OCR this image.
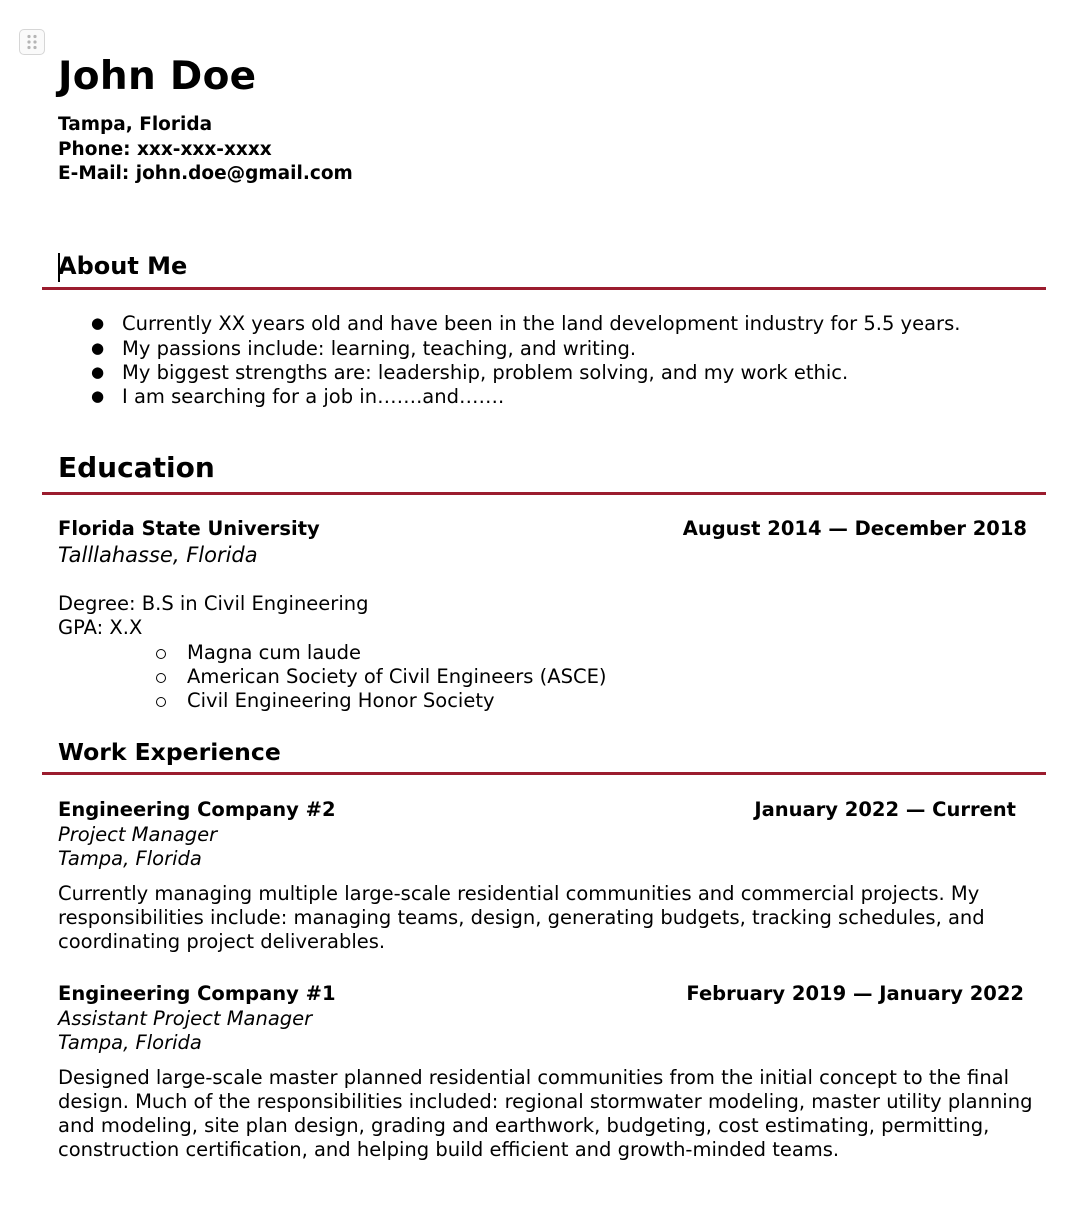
John Doe
Tampa, Florida
Phone: xxx-xxx-xxxx
E-Mail: john.doe@gmail.com
About Me
● Currently XX years old and have been in the land development industry for 5.5 years.
● My passions include: learning, teaching, and writing.
● My biggest strengths are: leadership, problem solving, and my work ethic.
● I am searching for a job in…….and…….
Education
Florida State University	August 2014 — December 2018
Talllahasse, Florida
Degree: B.S in Civil Engineering
GPA: X.X
Magna cum laude
American Society of Civil Engineers (ASCE)
Civil Engineering Honor Society
Work Experience
Engineering Company #2	January 2022 — Current
Project Manager
Tampa, Florida
Currently managing multiple large-scale residential communities and commercial projects. My
responsibilities include: managing teams, design, generating budgets, tracking schedules, and
coordinating project deliverables.
Engineering Company #1	February 2019 — January 2022
Assistant Project Manager
Tampa, Florida
Designed large-scale master planned residential communities from the initial concept to the final
design. Much of the responsibilities included: regional stormwater modeling, master utility planning
and modeling, site plan design, grading and earthwork, budgeting, cost estimating, permitting,
construction certification, and helping build efficient and growth-minded teams.
